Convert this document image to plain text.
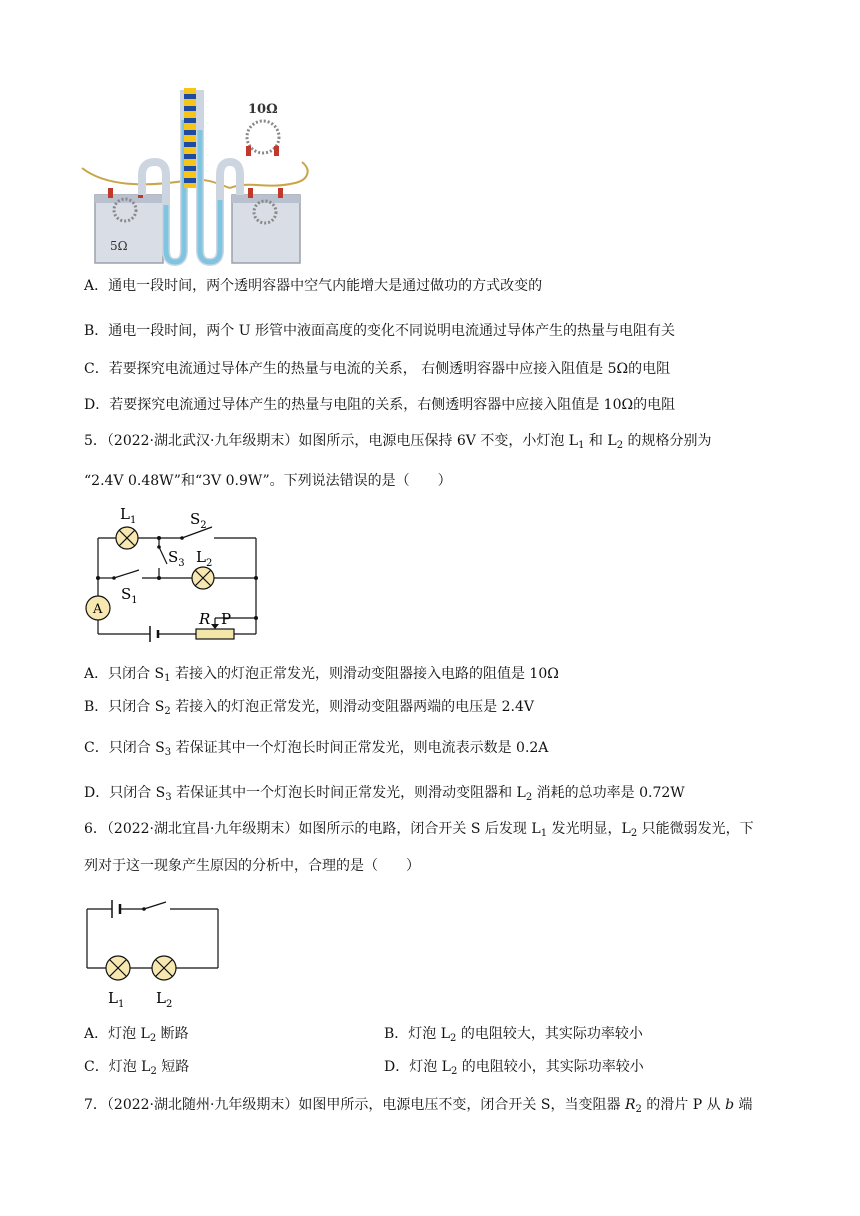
10Ω
5Ω
A．通电一段时间，两个透明容器中空气内能增大是通过做功的方式改变的
B．通电一段时间，两个 U 形管中液面高度的变化不同说明电流通过导体产生的热量与电阻有关
C．若要探究电流通过导体产生的热量与电流的关系， 右侧透明容器中应接入阻值是 5Ω的电阻
D．若要探究电流通过导体产生的热量与电阻的关系，右侧透明容器中应接入阻值是 10Ω的电阻
5．（2022·湖北武汉·九年级期末）如图所示，电源电压保持 6V 不变，小灯泡 $L_1$ 和 $L_2$ 的规格分别为
“2.4V 0.48W”和“3V 0.9W”。下列说法错误的是（　　）
A
$L_1$	$S_2$
$S_3$ $L_2$
$S_1$
R P
A．只闭合 $S_1$ 若接入的灯泡正常发光，则滑动变阻器接入电路的阻值是 10Ω
B．只闭合 $S_2$ 若接入的灯泡正常发光，则滑动变阻器两端的电压是 2.4V
C．只闭合 $S_3$ 若保证其中一个灯泡长时间正常发光，则电流表示数是 0.2A
D．只闭合 $S_3$ 若保证其中一个灯泡长时间正常发光，则滑动变阻器和 $L_2$ 消耗的总功率是 0.72W
6．（2022·湖北宜昌·九年级期末）如图所示的电路，闭合开关 S 后发现 $L_1$ 发光明显，$L_2$ 只能微弱发光，下
列对于这一现象产生原因的分析中，合理的是（　　）
$L_1$ $L_2$
A．灯泡 $L_2$ 断路	B．灯泡 $L_2$ 的电阻较大，其实际功率较小
C．灯泡 $L_2$ 短路	D．灯泡 $L_2$ 的电阻较小，其实际功率较小
7．（2022·湖北随州·九年级期末）如图甲所示，电源电压不变，闭合开关 S，当变阻器 $R_2$ 的滑片 P 从 b 端
